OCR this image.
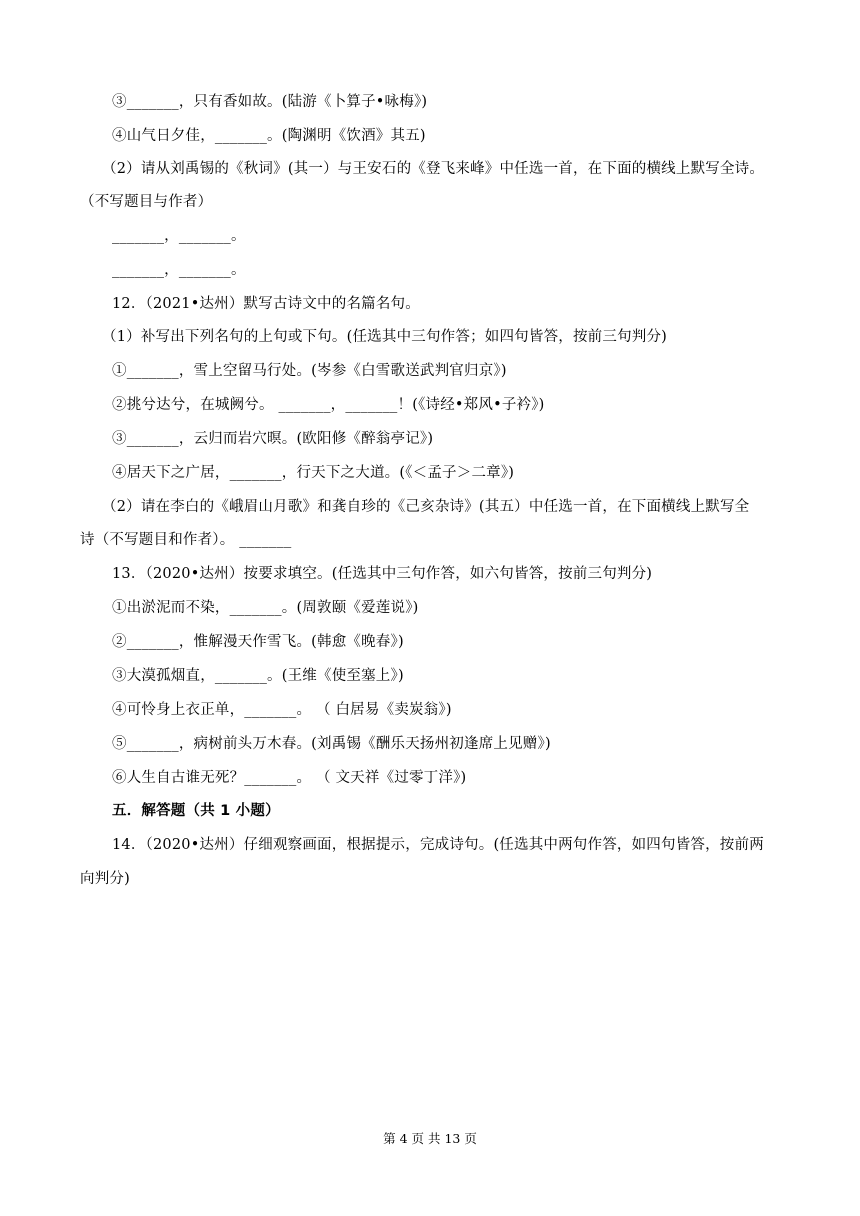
③_______，只有香如故。(陆游《卜算子•咏梅》)
④山气日夕佳，_______。(陶渊明《饮酒》其五)
（2）请从刘禹锡的《秋词》(其一）与王安石的《登飞来峰》中任选一首，在下面的横线上默写全诗。
（不写题目与作者）
_______，_______。
_______，_______。
12．（2021•达州）默写古诗文中的名篇名句。
（1）补写出下列名句的上句或下句。(任选其中三句作答；如四句皆答，按前三句判分)
①_______，雪上空留马行处。(岑参《白雪歌送武判官归京》)
②挑兮达兮，在城阙兮。 _______，_______！(《诗经•郑风•子衿》)
③_______，云归而岩穴暝。(欧阳修《醉翁亭记》)
④居天下之广居，_______，行天下之大道。(《＜孟子＞二章》)
（2）请在李白的《峨眉山月歌》和龚自珍的《己亥杂诗》(其五）中任选一首，在下面横线上默写全
诗（不写题目和作者）。 _______
13．（2020•达州）按要求填空。(任选其中三句作答，如六句皆答，按前三句判分)
①出淤泥而不染，_______。(周敦颐《爱莲说》)
②_______，惟解漫天作雪飞。(韩愈《晚春》)
③大漠孤烟直，_______。(王维《使至塞上》)
④可怜身上衣正单，_______。 （ 白居易《卖炭翁》)
⑤_______，病树前头万木春。(刘禹锡《酬乐天扬州初逢席上见赠》)
⑥人生自古谁无死？_______。 （ 文天祥《过零丁洋》)
五．解答题（共 1 小题）
14．（2020•达州）仔细观察画面，根据提示，完成诗句。(任选其中两句作答，如四句皆答，按前两
向判分)
第 4 页 共 13 页
